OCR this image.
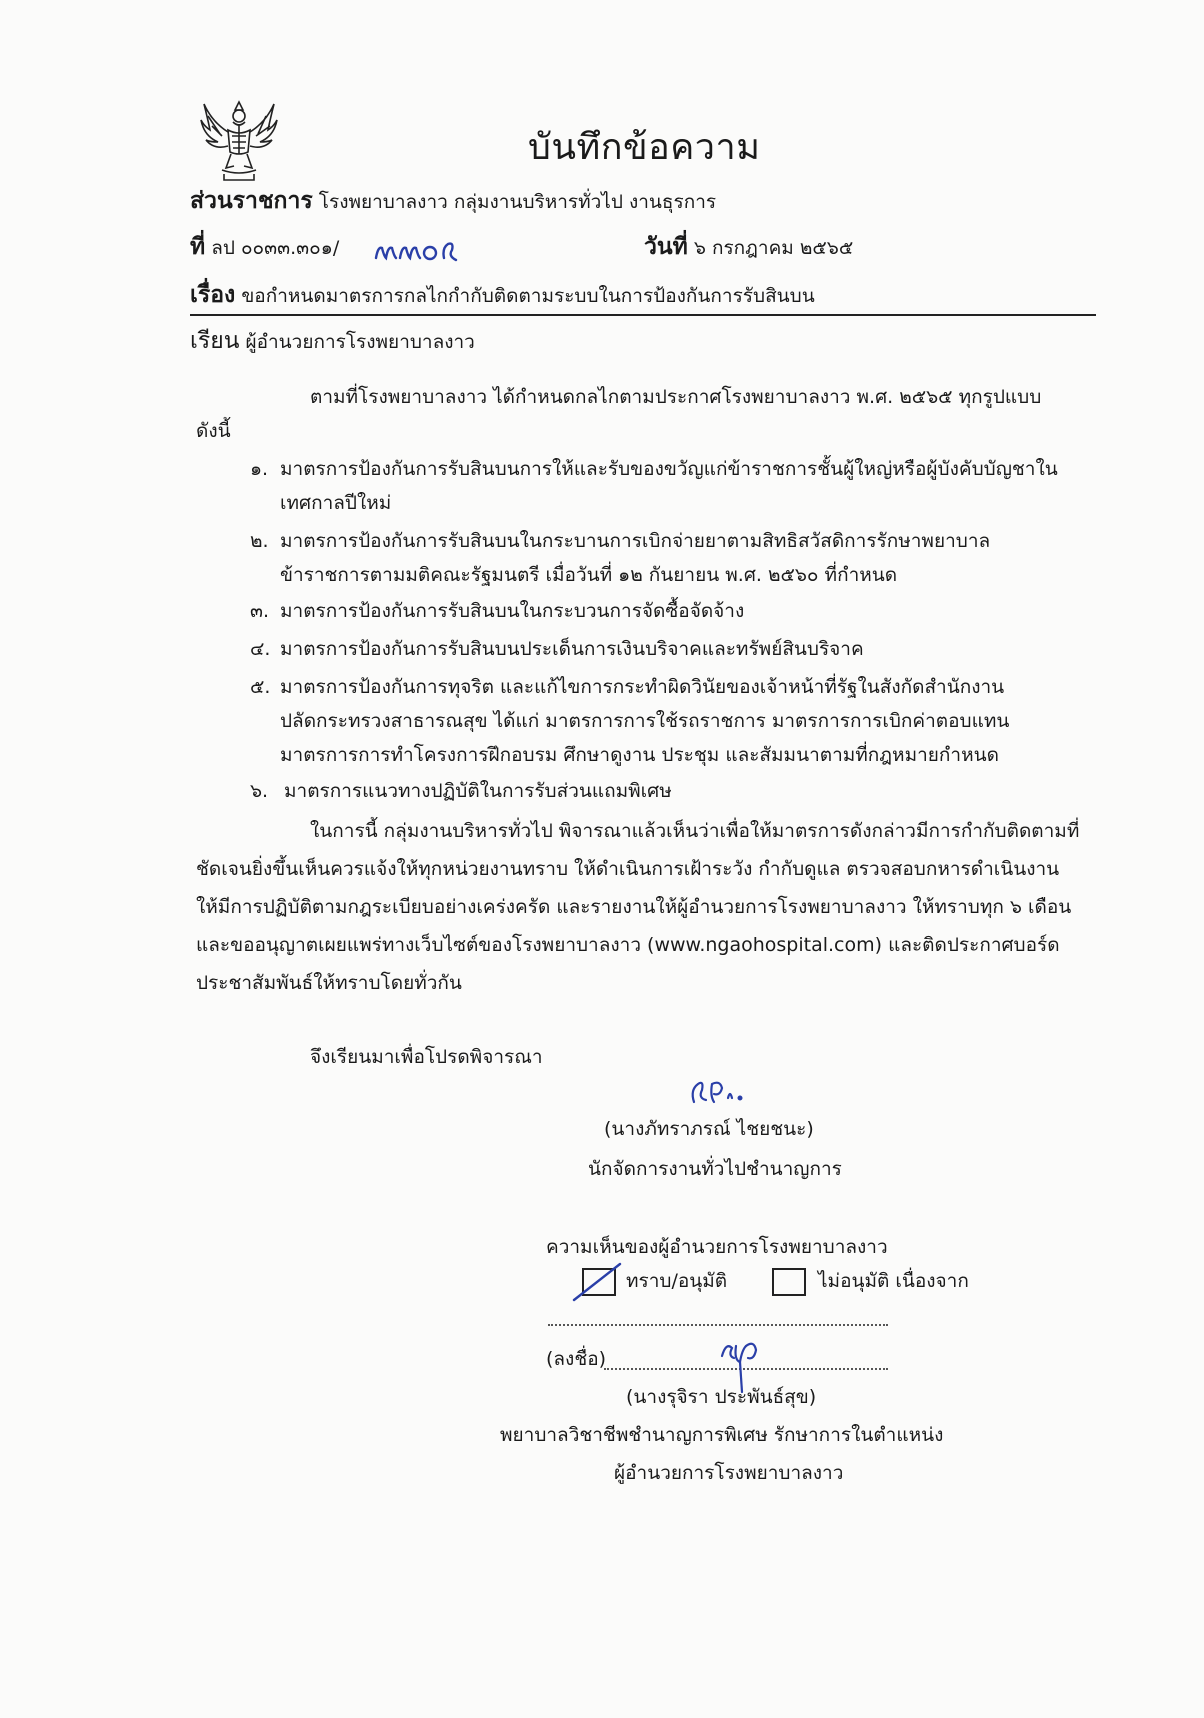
บันทึกข้อความ
ส่วนราชการ โรงพยาบาลงาว กลุ่มงานบริหารทั่วไป งานธุรการ
ที่ ลป ๐๐๓๓.๓๐๑/	วันที่ ๖ กรกฎาคม ๒๕๖๕
เรื่อง ขอกำหนดมาตรการกลไกกำกับติดตามระบบในการป้องกันการรับสินบน
เรียน ผู้อำนวยการโรงพยาบาลงาว
ตามที่โรงพยาบาลงาว ได้กำหนดกลไกตามประกาศโรงพยาบาลงาว พ.ศ. ๒๕๖๕ ทุกรูปแบบ
ดังนี้
๑. มาตรการป้องกันการรับสินบนการให้และรับของขวัญแก่ข้าราชการชั้นผู้ใหญ่หรือผู้บังคับบัญชาใน
เทศกาลปีใหม่
๒. มาตรการป้องกันการรับสินบนในกระบานการเบิกจ่ายยาตามสิทธิสวัสดิการรักษาพยาบาล
ข้าราชการตามมติคณะรัฐมนตรี เมื่อวันที่ ๑๒ กันยายน พ.ศ. ๒๕๖๐ ที่กำหนด
๓. มาตรการป้องกันการรับสินบนในกระบวนการจัดซื้อจัดจ้าง
๔. มาตรการป้องกันการรับสินบนประเด็นการเงินบริจาคและทรัพย์สินบริจาค
๕. มาตรการป้องกันการทุจริต และแก้ไขการกระทำผิดวินัยของเจ้าหน้าที่รัฐในสังกัดสำนักงาน
ปลัดกระทรวงสาธารณสุข ได้แก่ มาตรการการใช้รถราชการ มาตรการการเบิกค่าตอบแทน
มาตรการการทำโครงการฝึกอบรม ศึกษาดูงาน ประชุม และสัมมนาตามที่กฎหมายกำหนด
๖. มาตรการแนวทางปฏิบัติในการรับส่วนแถมพิเศษ
ในการนี้ กลุ่มงานบริหารทั่วไป พิจารณาแล้วเห็นว่าเพื่อให้มาตรการดังกล่าวมีการกำกับติดตามที่
ชัดเจนยิ่งขึ้นเห็นควรแจ้งให้ทุกหน่วยงานทราบ ให้ดำเนินการเฝ้าระวัง กำกับดูแล ตรวจสอบกหารดำเนินงาน
ให้มีการปฏิบัติตามกฎระเบียบอย่างเคร่งครัด และรายงานให้ผู้อำนวยการโรงพยาบาลงาว ให้ทราบทุก ๖ เดือน
และขออนุญาตเผยแพร่ทางเว็บไซต์ของโรงพยาบาลงาว (www.ngaohospital.com) และติดประกาศบอร์ด
ประชาสัมพันธ์ให้ทราบโดยทั่วกัน
จึงเรียนมาเพื่อโปรดพิจารณา
(นางภัทราภรณ์ ไชยชนะ)
นักจัดการงานทั่วไปชำนาญการ
ความเห็นของผู้อำนวยการโรงพยาบาลงาว
ทราบ/อนุมัติ	ไม่อนุมัติ เนื่องจาก
(ลงชื่อ)
(นางรุจิรา ประพันธ์สุข)
พยาบาลวิชาชีพชำนาญการพิเศษ รักษาการในตำแหน่ง
ผู้อำนวยการโรงพยาบาลงาว
